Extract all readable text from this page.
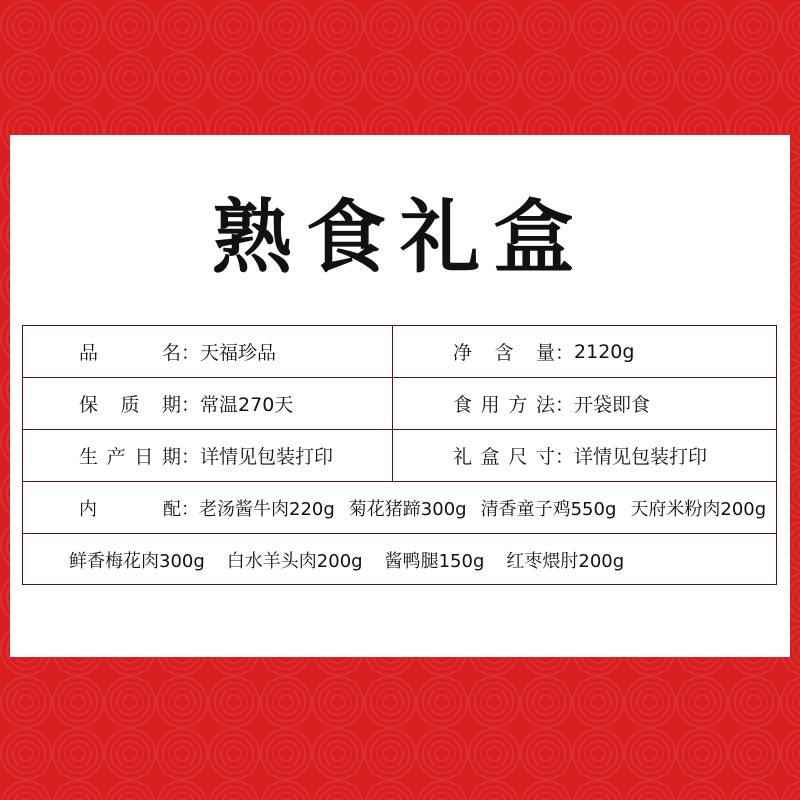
熟食礼盒
品 名 ： 天福珍品	净 含 量 ： 2120g
保 质 期 ： 常温270天	食用方法 ： 开袋即食
生产日期 ： 详情见包装打印	礼盒尺寸 ： 详情见包装打印
内 配 ： 老汤酱牛肉220g 菊花猪蹄300g 清香童子鸡550g 天府米粉肉200g
鲜香梅花肉300g 白水羊头肉200g 酱鸭腿150g 红枣煨肘200g
